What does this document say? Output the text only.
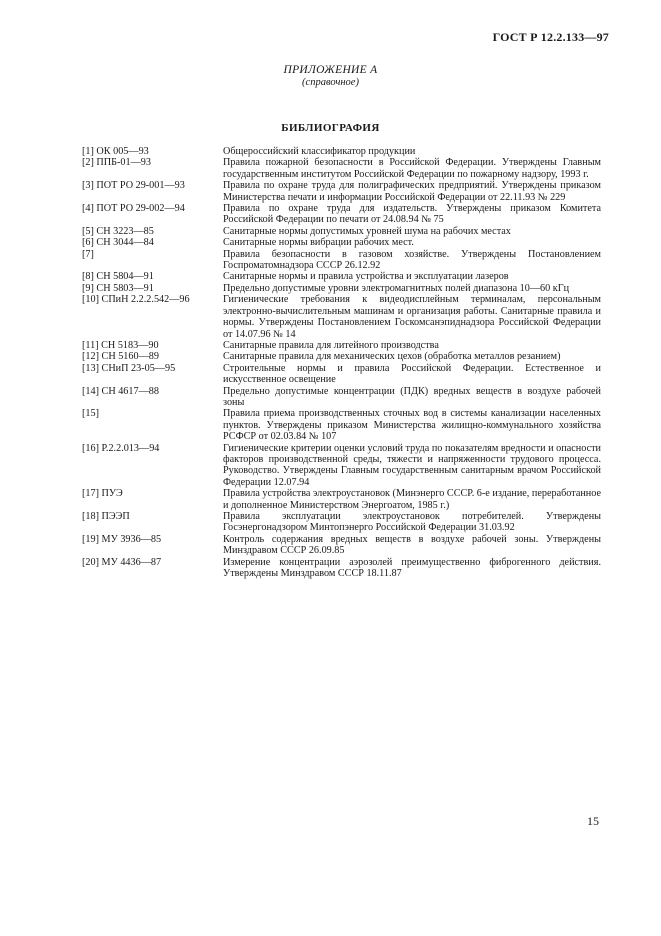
ГОСТ Р 12.2.133—97
ПРИЛОЖЕНИЕ А
(справочное)
БИБЛИОГРАФИЯ
[1] ОК 005—93	Общероссийский классификатор продукции
[2] ППБ-01—93	Правила пожарной безопасности в Российской Федерации. Утверждены Главным государственным институтом Российской Федерации по пожарному надзору, 1993 г.
[3] ПОТ РО 29-001—93	Правила по охране труда для полиграфических предприятий. Утверждены приказом Министерства печати и информации Российской Федерации от 22.11.93 № 229
[4] ПОТ РО 29-002—94	Правила по охране труда для издательств. Утверждены приказом Комитета Российской Федерации по печати от 24.08.94 № 75
[5] СН 3223—85	Санитарные нормы допустимых уровней шума на рабочих местах
[6] СН 3044—84	Санитарные нормы вибрации рабочих мест.
[7]	Правила безопасности в газовом хозяйстве. Утверждены Постановлением Госпроматомнадзора СССР 26.12.92
[8] СН 5804—91	Санитарные нормы и правила устройства и эксплуатации лазеров
[9] СН 5803—91	Предельно допустимые уровни электромагнитных полей диапазона 10—60 кГц
[10] СПиН 2.2.2.542—96	Гигиенические требования к видеодисплейным терминалам, персональным электронно-вычислительным машинам и организация работы. Санитарные правила и нормы. Утверждены Постановлением Госкомсанэпиднадзора Российской Федерации от 14.07.96 № 14
[11] СН 5183—90	Санитарные правила для литейного производства
[12] СН 5160—89	Санитарные правила для механических цехов (обработка металлов резанием)
[13] СНиП 23-05—95	Строительные нормы и правила Российской Федерации. Естественное и искусственное освещение
[14] СН 4617—88	Предельно допустимые концентрации (ПДК) вредных веществ в воздухе рабочей зоны
[15]	Правила приема производственных сточных вод в системы канализации населенных пунктов. Утверждены приказом Министерства жилищно-коммунального хозяйства РСФСР от 02.03.84 № 107
[16] Р.2.2.013—94	Гигиенические критерии оценки условий труда по показателям вредности и опасности факторов производственной среды, тяжести и напряженности трудового процесса. Руководство. Утверждены Главным государственным санитарным врачом Российской Федерации 12.07.94
[17] ПУЭ	Правила устройства электроустановок (Минэнерго СССР. 6-е издание, переработанное и дополненное Министерством Энергоатом, 1985 г.)
[18] ПЭЭП	Правила эксплуатации электроустановок потребителей. Утверждены Госэнергонадзором Минтопэнерго Российской Федерации 31.03.92
[19] МУ 3936—85	Контроль содержания вредных веществ в воздухе рабочей зоны. Утверждены Минздравом СССР 26.09.85
[20] МУ 4436—87	Измерение концентрации аэрозолей преимущественно фиброгенного действия. Утверждены Минздравом СССР 18.11.87
15
